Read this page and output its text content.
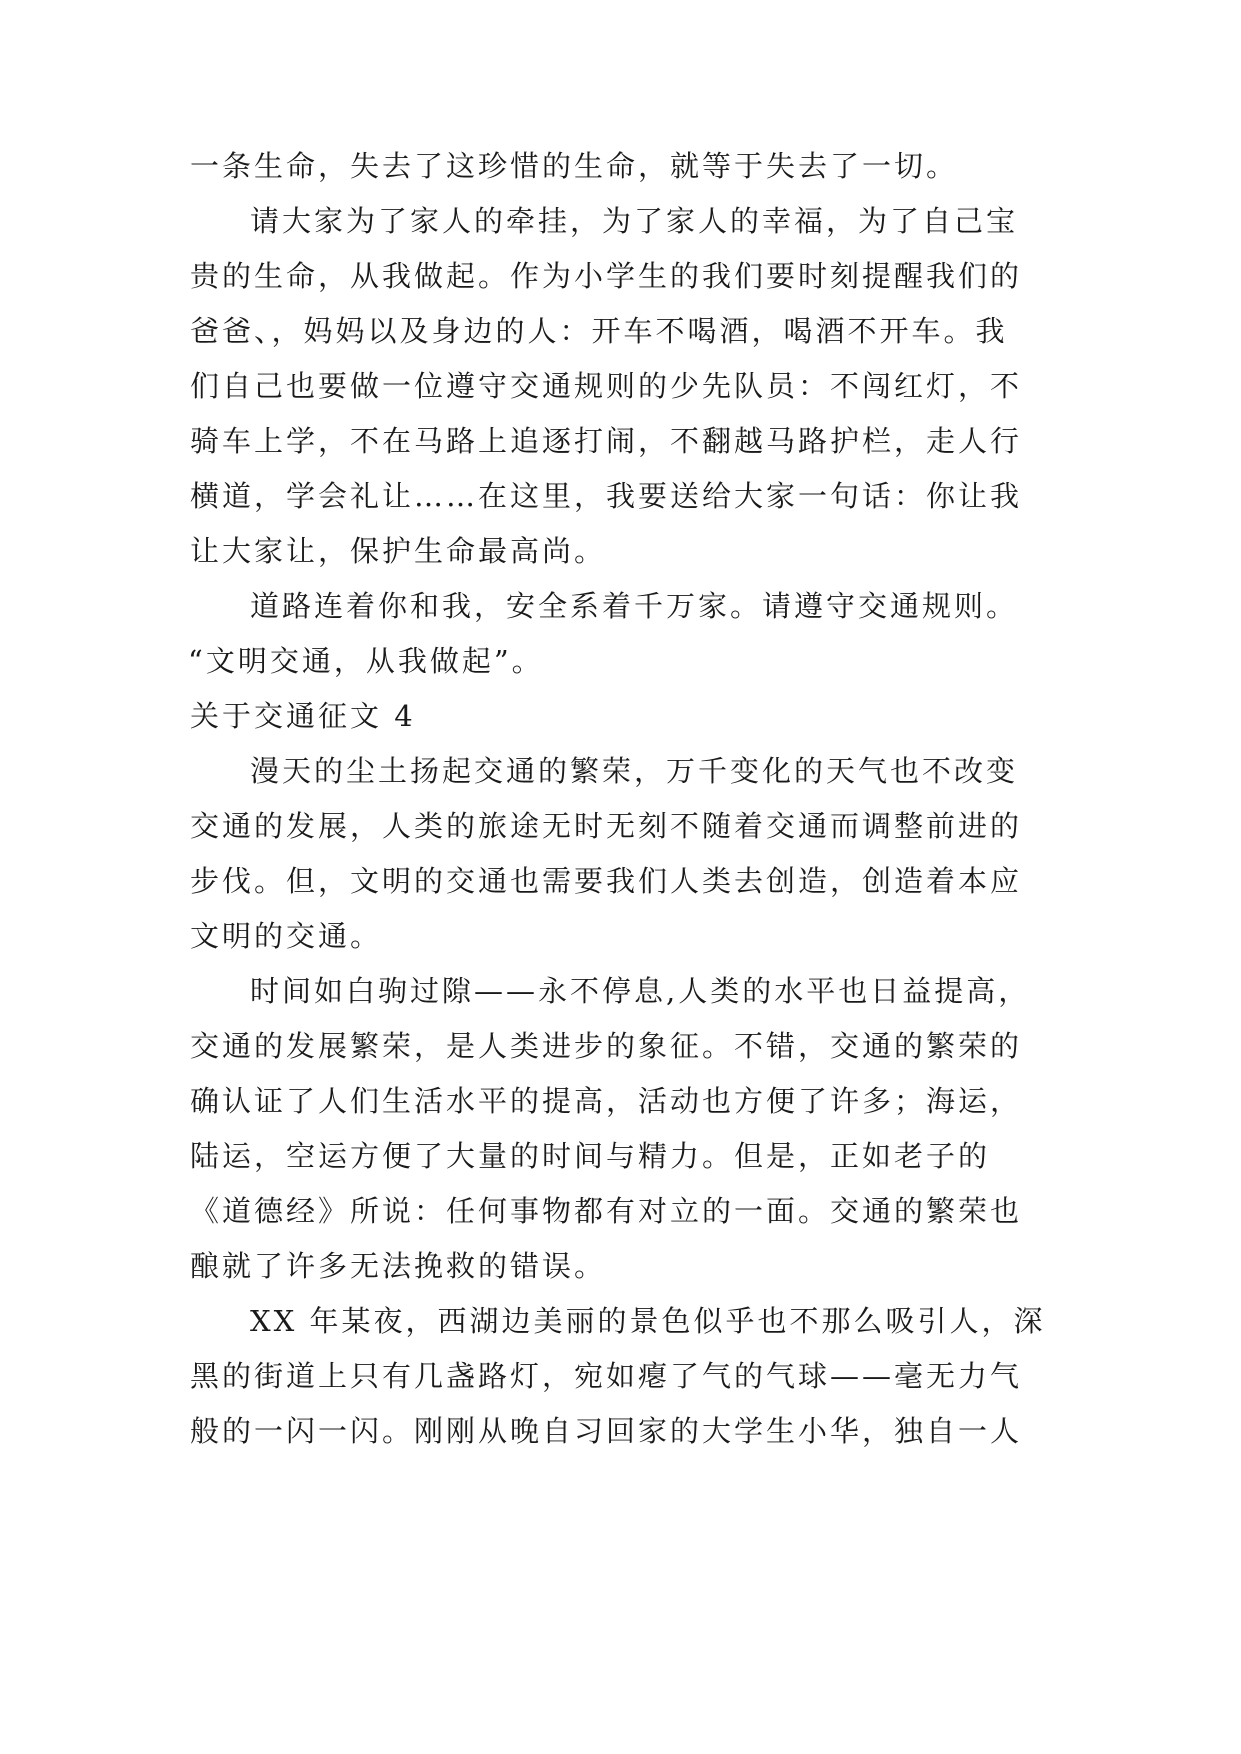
一条生命，失去了这珍惜的生命，就等于失去了一切。
请大家为了家人的牵挂，为了家人的幸福，为了自己宝
贵的生命，从我做起。作为小学生的我们要时刻提醒我们的
爸爸、，妈妈以及身边的人：开车不喝酒，喝酒不开车。我
们自己也要做一位遵守交通规则的少先队员：不闯红灯，不
骑车上学，不在马路上追逐打闹，不翻越马路护栏，走人行
横道，学会礼让……在这里，我要送给大家一句话：你让我
让大家让，保护生命最高尚。
道路连着你和我，安全系着千万家。请遵守交通规则。
“文明交通，从我做起”。
关于交通征文 4
漫天的尘土扬起交通的繁荣，万千变化的天气也不改变
交通的发展，人类的旅途无时无刻不随着交通而调整前进的
步伐。但，文明的交通也需要我们人类去创造，创造着本应
文明的交通。
时间如白驹过隙——永不停息,人类的水平也日益提高，
交通的发展繁荣，是人类进步的象征。不错，交通的繁荣的
确认证了人们生活水平的提高，活动也方便了许多；海运，
陆运，空运方便了大量的时间与精力。但是，正如老子的
《道德经》所说：任何事物都有对立的一面。交通的繁荣也
酿就了许多无法挽救的错误。
XX 年某夜，西湖边美丽的景色似乎也不那么吸引人，深
黑的街道上只有几盏路灯，宛如瘪了气的气球——毫无力气
般的一闪一闪。刚刚从晚自习回家的大学生小华，独自一人
